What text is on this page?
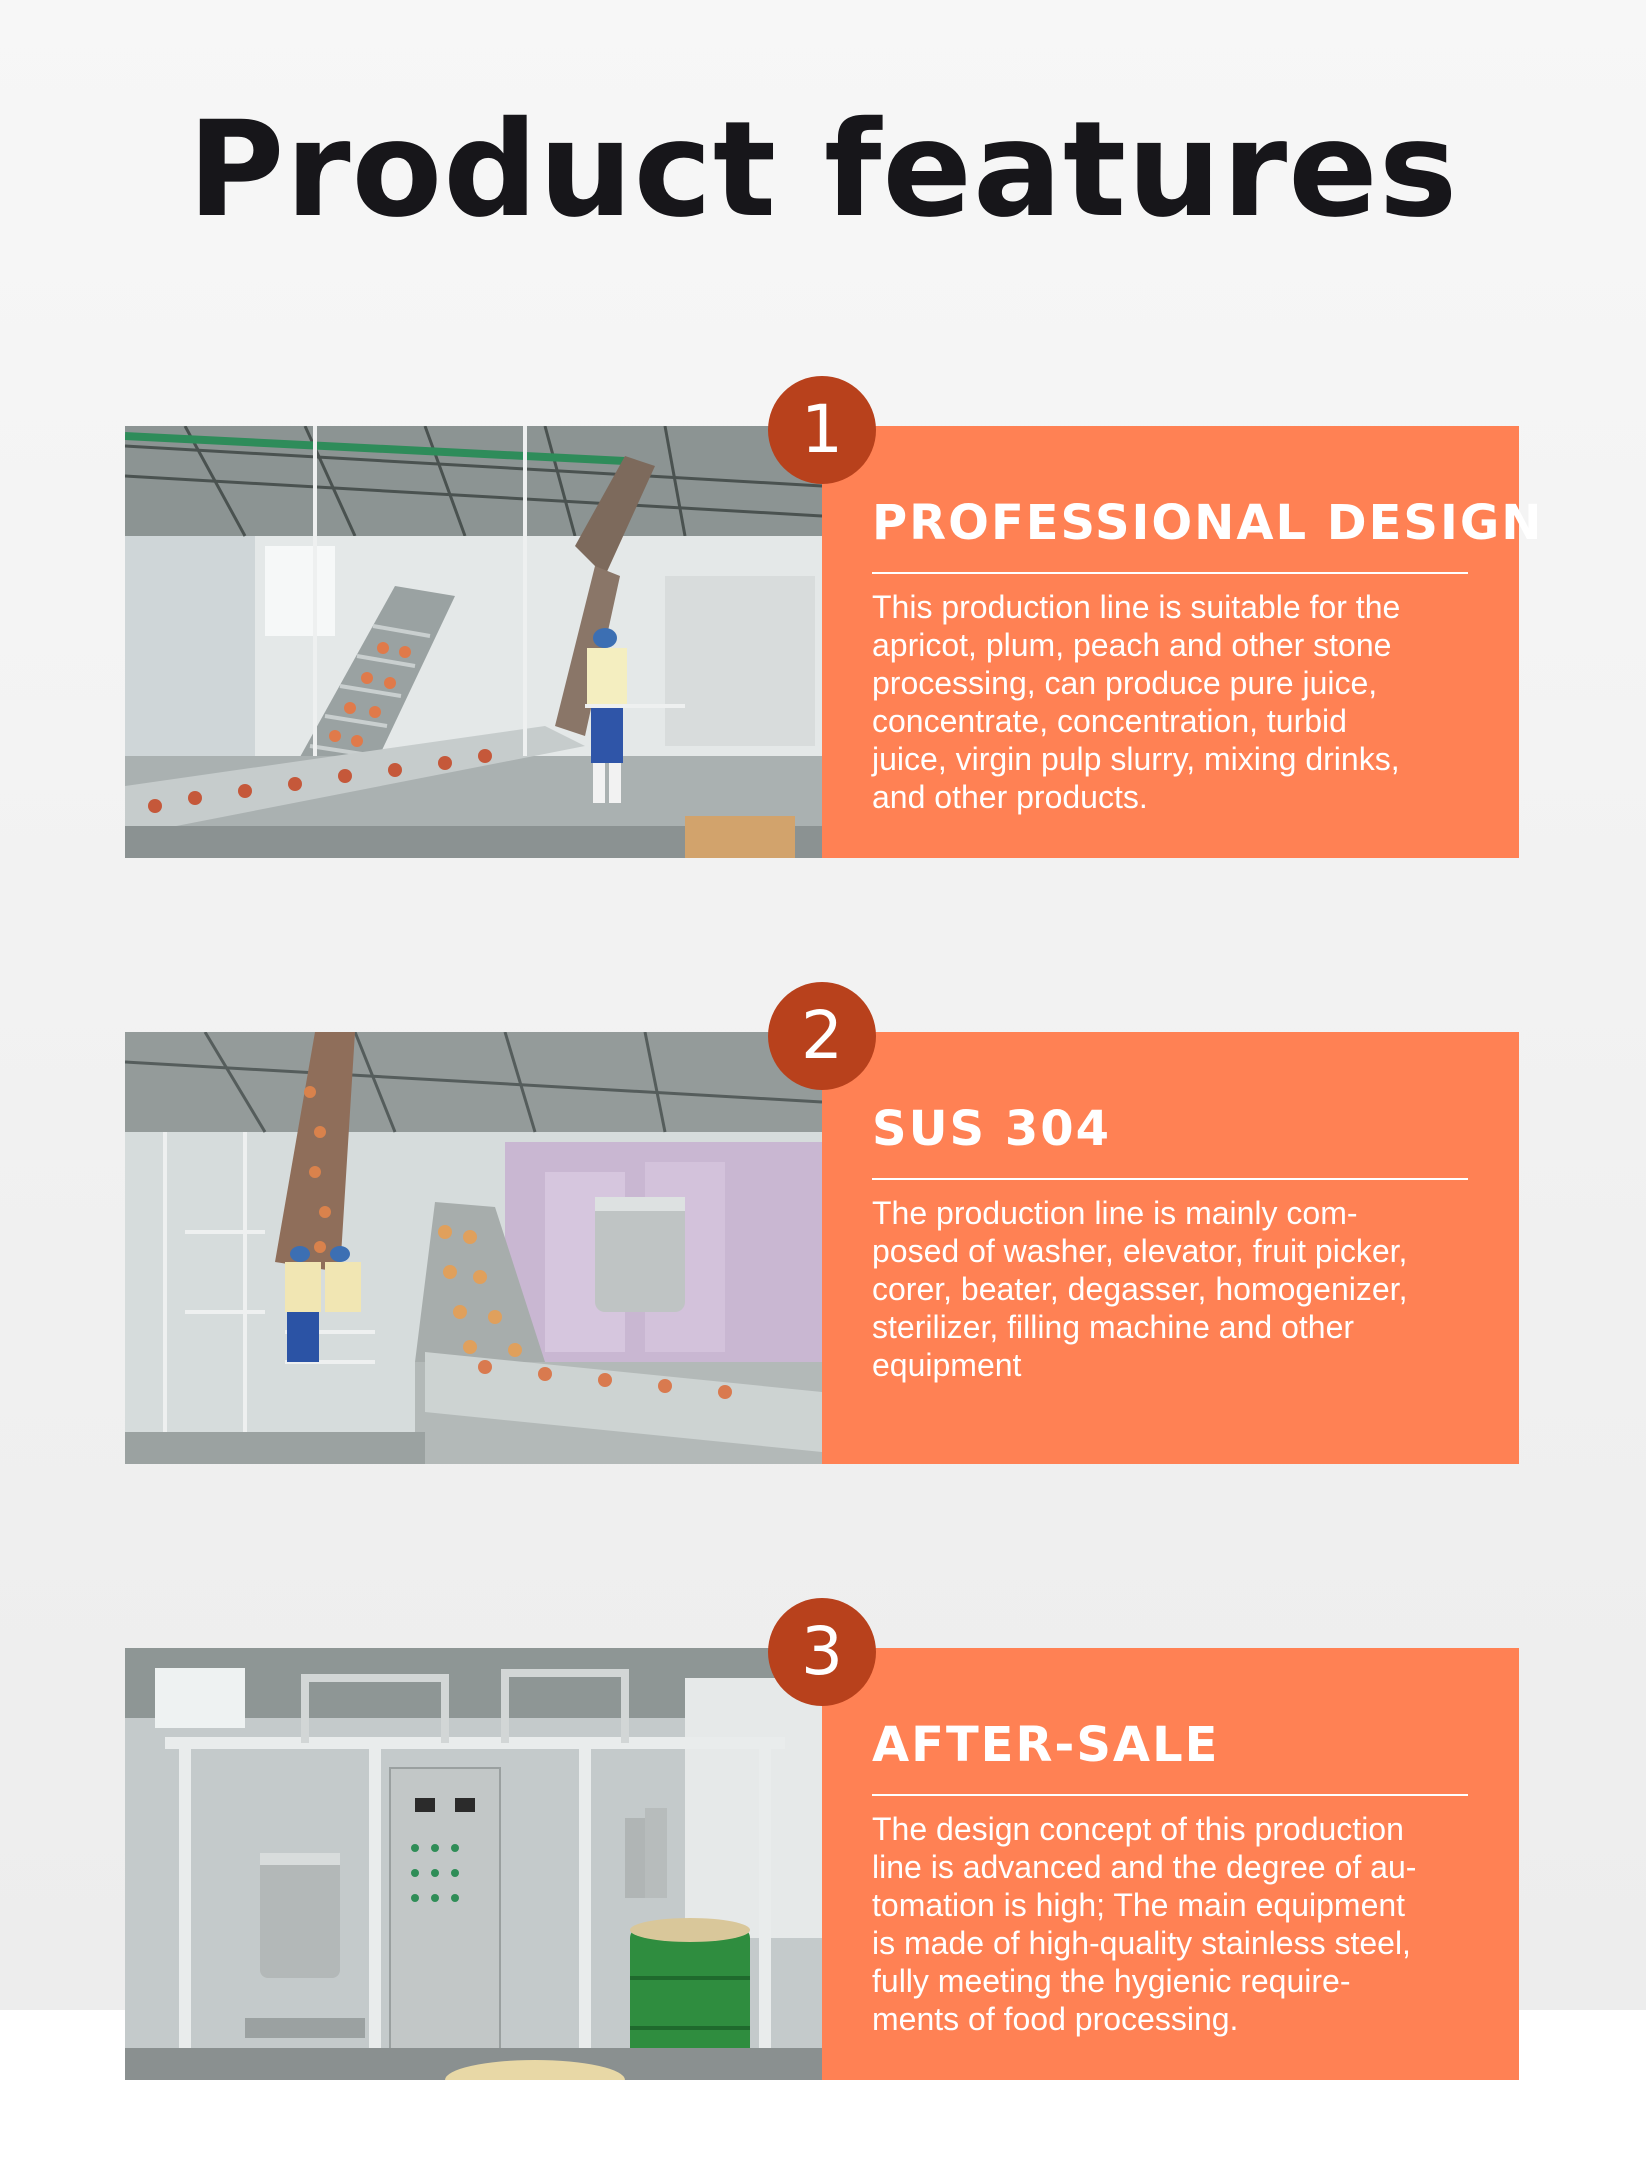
Product features
PROFESSIONAL DESIGN

This production line is suitable for the
apricot, plum, peach and other stone
processing, can produce pure juice,
concentrate, concentration, turbid
juice, virgin pulp slurry, mixing drinks,
and other products.

1
SUS 304

The production line is mainly com-
posed of washer, elevator, fruit picker,
corer, beater, degasser, homogenizer,
sterilizer, filling machine and other
equipment

2
AFTER-SALE

The design concept of this production
line is advanced and the degree of au-
tomation is high; The main equipment
is made of high-quality stainless steel,
fully meeting the hygienic require-
ments of food processing.

3
